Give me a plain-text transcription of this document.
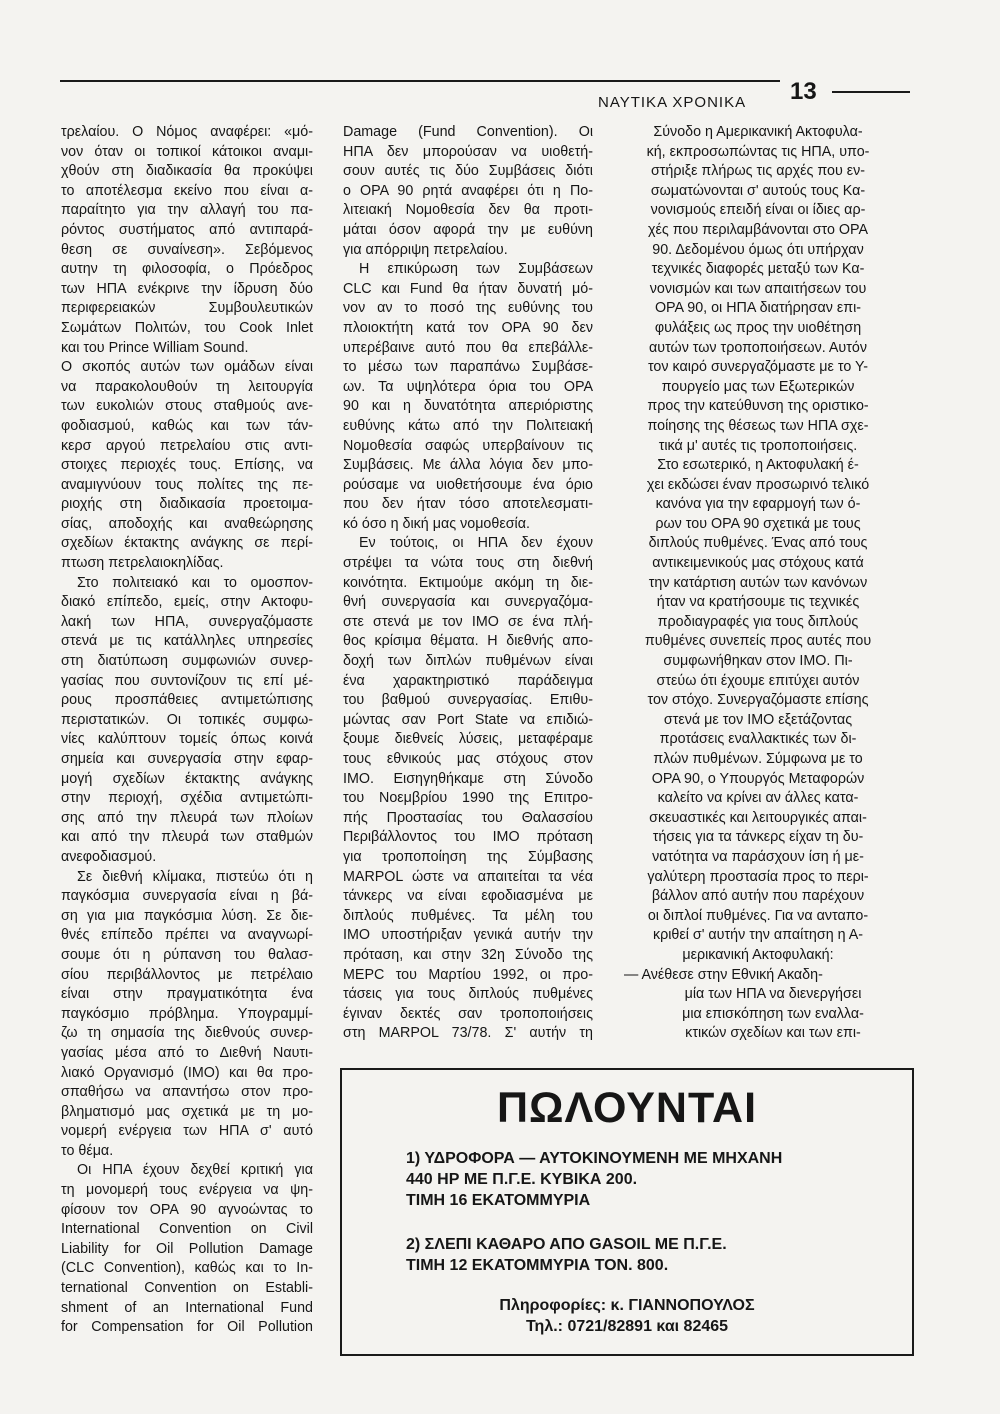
13
ΝΑΥΤΙΚΑ ΧΡΟΝΙΚΑ
τρελαίου. Ο Νόμος αναφέρει: «μό-
νον όταν οι τοπικοί κάτοικοι αναμι-
χθούν στη διαδικασία θα προκύψει
το αποτέλεσμα εκείνο που είναι α-
παραίτητο για την αλλαγή του πα-
ρόντος συστήματος από αντιπαρά-
θεση σε συναίνεση». Σεβόμενος
αυτην τη φιλοσοφία, ο Πρόεδρος
των ΗΠΑ ενέκρινε την ίδρυση δύο
περιφερειακών Συμβουλευτικών
Σωμάτων Πολιτών, του Cook Inlet
και του Prince William Sound.
Ο σκοπός αυτών των ομάδων είναι
να παρακολουθούν τη λειτουργία
των ευκολιών στους σταθμούς ανε-
φοδιασμού, καθώς και των τάν-
κερσ αργού πετρελαίου στις αντι-
στοιχες περιοχές τους. Επίσης, να
αναμιγνύουν τους πολίτες της πε-
ριοχής στη διαδικασία προετοιμα-
σίας, αποδοχής και αναθεώρησης
σχεδίων έκτακτης ανάγκης σε περί-
πτωση πετρελαιοκηλίδας.
Στο πολιτειακό και το ομοσπον-
διακό επίπεδο, εμείς, στην Ακτοφυ-
λακή των ΗΠΑ, συνεργαζόμαστε
στενά με τις κατάλληλες υπηρεσίες
στη διατύπωση συμφωνιών συνερ-
γασίας που συντονίζουν τις επί μέ-
ρους προσπάθειες αντιμετώπισης
περιστατικών. Οι τοπικές συμφω-
νίες καλύπτουν τομείς όπως κοινά
σημεία και συνεργασία στην εφαρ-
μογή σχεδίων έκτακτης ανάγκης
στην περιοχή, σχέδια αντιμετώπι-
σης από την πλευρά των πλοίων
και από την πλευρά των σταθμών
ανεφοδιασμού.
Σε διεθνή κλίμακα, πιστεύω ότι η
παγκόσμια συνεργασία είναι η βά-
ση για μια παγκόσμια λύση. Σε διε-
θνές επίπεδο πρέπει να αναγνωρί-
σουμε ότι η ρύπανση του θαλασ-
σίου περιβάλλοντος με πετρέλαιο
είναι στην πραγματικότητα ένα
παγκόσμιο πρόβλημα. Υπογραμμί-
ζω τη σημασία της διεθνούς συνερ-
γασίας μέσα από το Διεθνή Ναυτι-
λιακό Οργανισμό (ΙΜΟ) και θα προ-
σπαθήσω να απαντήσω στον προ-
βληματισμό μας σχετικά με τη μο-
νομερή ενέργεια των ΗΠΑ σ' αυτό
το θέμα.
Οι ΗΠΑ έχουν δεχθεί κριτική για
τη μονομερή τους ενέργεια να ψη-
φίσουν τον ΟΡΑ 90 αγνοώντας το
International Convention on Civil
Liability for Oil Pollution Damage
(CLC Convention), καθώς και το In-
ternational Convention on Establi-
shment of an International Fund
for Compensation for Oil Pollution
Damage (Fund Convention). Οι
ΗΠΑ δεν μπορούσαν να υιοθετή-
σουν αυτές τις δύο Συμβάσεις διότι
ο ΟΡΑ 90 ρητά αναφέρει ότι η Πο-
λιτειακή Νομοθεσία δεν θα προτι-
μάται όσον αφορά την με ευθύνη
για απόρριψη πετρελαίου.
Η επικύρωση των Συμβάσεων
CLC και Fund θα ήταν δυνατή μό-
νον αν το ποσό της ευθύνης του
πλοιοκτήτη κατά τον ΟΡΑ 90 δεν
υπερέβαινε αυτό που θα επεβάλλε-
το μέσω των παραπάνω Συμβάσε-
ων. Τα υψηλότερα όρια του ΟΡΑ
90 και η δυνατότητα απεριόριστης
ευθύνης κάτω από την Πολιτειακή
Νομοθεσία σαφώς υπερβαίνουν τις
Συμβάσεις. Με άλλα λόγια δεν μπο-
ρούσαμε να υιοθετήσουμε ένα όριο
που δεν ήταν τόσο αποτελεσματι-
κό όσο η δική μας νομοθεσία.
Εν τούτοις, οι ΗΠΑ δεν έχουν
στρέψει τα νώτα τους στη διεθνή
κοινότητα. Εκτιμούμε ακόμη τη διε-
θνή συνεργασία και συνεργαζόμα-
στε στενά με τον ΙΜΟ σε ένα πλή-
θος κρίσιμα θέματα. Η διεθνής απο-
δοχή των διπλών πυθμένων είναι
ένα χαρακτηριστικό παράδειγμα
του βαθμού συνεργασίας. Επιθυ-
μώντας σαν Port State να επιδιώ-
ξουμε διεθνείς λύσεις, μεταφέραμε
τους εθνικούς μας στόχους στον
ΙΜΟ. Εισηγηθήκαμε στη Σύνοδο
του Νοεμβρίου 1990 της Επιτρο-
πής Προστασίας του Θαλασσίου
Περιβάλλοντος του ΙΜΟ πρόταση
για τροποποίηση της Σύμβασης
MARPOL ώστε να απαιτείται τα νέα
τάνκερς να είναι εφοδιασμένα με
διπλούς πυθμένες. Τα μέλη του
ΙΜΟ υποστήριξαν γενικά αυτήν την
πρόταση, και στην 32η Σύνοδο της
MEPC του Μαρτίου 1992, οι προ-
τάσεις για τους διπλούς πυθμένες
έγιναν δεκτές σαν τροποποιήσεις
στη MARPOL 73/78. Σ' αυτήν τη
Σύνοδο η Αμερικανική Ακτοφυλα-
κή, εκπροσωπώντας τις ΗΠΑ, υπο-
στήριξε πλήρως τις αρχές που εν-
σωματώνονται σ' αυτούς τους Κα-
νονισμούς επειδή είναι οι ίδιες αρ-
χές που περιλαμβάνονται στο ΟΡΑ
90. Δεδομένου όμως ότι υπήρχαν
τεχνικές διαφορές μεταξύ των Κα-
νονισμών και των απαιτήσεων του
ΟΡΑ 90, οι ΗΠΑ διατήρησαν επι-
φυλάξεις ως προς την υιοθέτηση
αυτών των τροποποιήσεων. Αυτόν
τον καιρό συνεργαζόμαστε με το Υ-
πουργείο μας των Εξωτερικών
προς την κατεύθυνση της οριστικο-
ποίησης της θέσεως των ΗΠΑ σχε-
τικά μ' αυτές τις τροποποιήσεις.
Στο εσωτερικό, η Ακτοφυλακή έ-
χει εκδώσει έναν προσωρινό τελικό
κανόνα για την εφαρμογή των ό-
ρων του ΟΡΑ 90 σχετικά με τους
διπλούς πυθμένες. Ένας από τους
αντικειμενικούς μας στόχους κατά
την κατάρτιση αυτών των κανόνων
ήταν να κρατήσουμε τις τεχνικές
προδιαγραφές για τους διπλούς
πυθμένες συνεπείς προς αυτές που
συμφωνήθηκαν στον ΙΜΟ. Πι-
στεύω ότι έχουμε επιτύχει αυτόν
τον στόχο. Συνεργαζόμαστε επίσης
στενά με τον ΙΜΟ εξετάζοντας
προτάσεις εναλλακτικές των δι-
πλών πυθμένων. Σύμφωνα με το
ΟΡΑ 90, ο Υπουργός Μεταφορών
καλείτο να κρίνει αν άλλες κατα-
σκευαστικές και λειτουργικές απαι-
τήσεις για τα τάνκερς είχαν τη δυ-
νατότητα να παράσχουν ίση ή με-
γαλύτερη προστασία προς το περι-
βάλλον από αυτήν που παρέχουν
οι διπλοί πυθμένες. Για να ανταπο-
κριθεί σ' αυτήν την απαίτηση η Α-
μερικανική Ακτοφυλακή:
— Ανέθεσε στην Εθνική Ακαδη-
μία των ΗΠΑ να διενεργήσει
μια επισκόπηση των εναλλα-
κτικών σχεδίων και των επι-
ΠΩΛΟΥΝΤΑΙ
1) ΥΔΡΟΦΟΡΑ — ΑΥΤΟΚΙΝΟΥΜΕΝΗ ΜΕ ΜΗΧΑΝΗ
440 ΗΡ ΜΕ Π.Γ.Ε. ΚΥΒΙΚΑ 200.
ΤΙΜΗ 16 ΕΚΑΤΟΜΜΥΡΙΑ
2) ΣΛΕΠΙ ΚΑΘΑΡΟ ΑΠΟ GASOIL ΜΕ Π.Γ.Ε.
ΤΙΜΗ 12 ΕΚΑΤΟΜΜΥΡΙΑ ΤΟΝ. 800.
Πληροφορίες: κ. ΓΙΑΝΝΟΠΟΥΛΟΣ
Τηλ.: 0721/82891 και 82465
